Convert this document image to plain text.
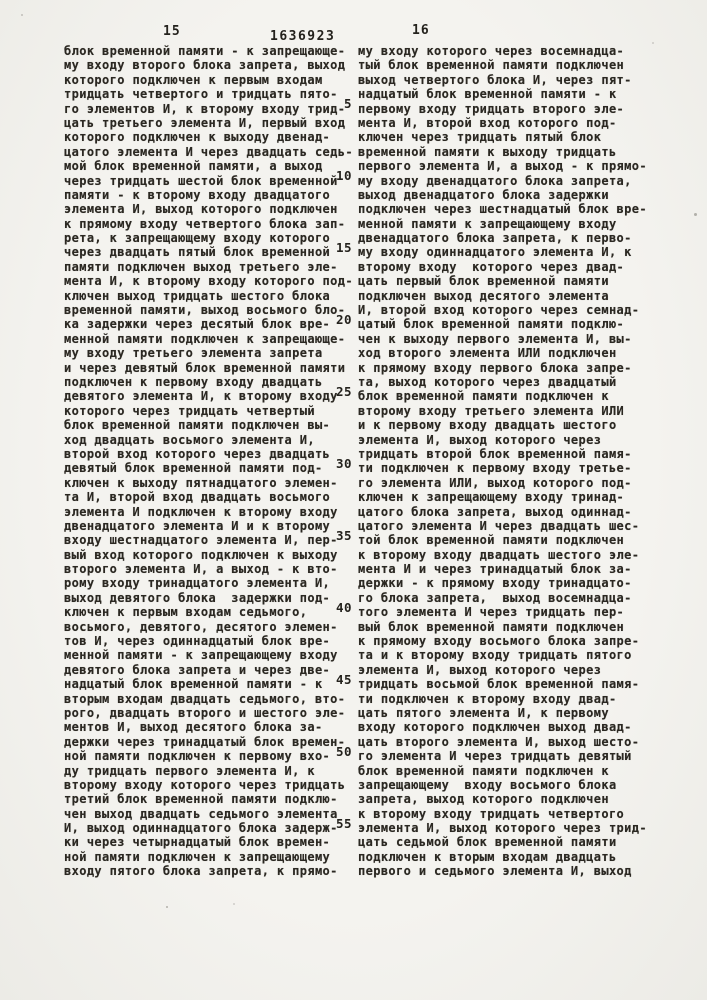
15	1636923	16
блок временной памяти - к запрещающе-
му входу второго блока запрета, выход
которого подключен к первым входам
тридцать четвертого и тридцать пято-
го элементов И, к второму входу трид-
цать третьего элемента И, первый вход
которого подключен к выходу двенад-
цатого элемента И через двадцать седь-
мой блок временной памяти, а выход
через тридцать шестой блок временной
памяти - к второму входу двадцатого
элемента И, выход которого подключен
к прямому входу четвертого блока зап-
рета, к запрещающему входу которого
через двадцать пятый блок временной
памяти подключен выход третьего эле-
мента И, к второму входу которого под-
ключен выход тридцать шестого блока
временной памяти, выход восьмого бло-
ка задержки через десятый блок вре-
менной памяти подключен к запрещающе-
му входу третьего элемента запрета
и через девятый блок временной памяти
подключен к первому входу двадцать
девятого элемента И, к второму входу
которого через тридцать четвертый
блок временной памяти подключен вы-
ход двадцать восьмого элемента И,
второй вход которого через двадцать
девятый блок временной памяти под-
ключен к выходу пятнадцатого элемен-
та И, второй вход двадцать восьмого
элемента И подключен к второму входу
двенадцатого элемента И и к второму
входу шестнадцатого элемента И, пер-
вый вход которого подключен к выходу
второго элемента И, а выход - к вто-
рому входу тринадцатого элемента И,
выход девятого блока  задержки под-
ключен к первым входам седьмого,
восьмого, девятого, десятого элемен-
тов И, через одиннадцатый блок вре-
менной памяти - к запрещающему входу
девятого блока запрета и через две-
надцатый блок временной памяти - к
вторым входам двадцать седьмого, вто-
рого, двадцать второго и шестого эле-
ментов И, выход десятого блока за-
держки через тринадцатый блок времен-
ной памяти подключен к первому вхо-
ду тридцать первого элемента И, к
второму входу которого через тридцать
третий блок временной памяти подклю-
чен выход двадцать седьмого элемента
И, выход одиннадцатого блока задерж-
ки через четырнадцатый блок времен-
ной памяти подключен к запрещающему
входу пятого блока запрета, к прямо-
5
10
15
20
25
30
35
40
45
50
55
му входу которого через восемнадца-
тый блок временной памяти подключен
выход четвертого блока И, через пят-
надцатый блок временной памяти - к
первому входу тридцать второго эле-
мента И, второй вход которого под-
ключен через тридцать пятый блок
временной памяти к выходу тридцать
первого элемента И, а выход - к прямо-
му входу двенадцатого блока запрета,
выход двенадцатого блока задержки
подключен через шестнадцатый блок вре-
менной памяти к запрещающему входу
двенадцатого блока запрета, к перво-
му входу одиннадцатого элемента И, к
второму входу  которого через двад-
цать первый блок временной памяти
подключен выход десятого элемента
И, второй вход которого через семнад-
цатый блок временной памяти подклю-
чен к выходу первого элемента И, вы-
ход второго элемента ИЛИ подключен
к прямому входу первого блока запре-
та, выход которого через двадцатый
блок временной памяти подключен к
второму входу третьего элемента ИЛИ
и к первому входу двадцать шестого
элемента И, выход которого через
тридцать второй блок временной памя-
ти подключен к первому входу третье-
го элемента ИЛИ, выход которого под-
ключен к запрещающему входу тринад-
цатого блока запрета, выход одиннад-
цатого элемента И через двадцать шес-
той блок временной памяти подключен
к второму входу двадцать шестого эле-
мента И и через тринадцатый блок за-
держки - к прямому входу тринадцато-
го блока запрета,  выход восемнадца-
того элемента И через тридцать пер-
вый блок временной памяти подключен
к прямому входу восьмого блока запре-
та и к второму входу тридцать пятого
элемента И, выход которого через
тридцать восьмой блок временной памя-
ти подключен к второму входу двад-
цать пятого элемента И, к первому
входу которого подключен выход двад-
цать второго элемента И, выход шесто-
го элемента И через тридцать девятый
блок временной памяти подключен к
запрещающему  входу восьмого блока
запрета, выход которого подключен
к второму входу тридцать четвертого
элемента И, выход которого через трид-
цать седьмой блок временной памяти
подключен к вторым входам двадцать
первого и седьмого элемента И, выход
